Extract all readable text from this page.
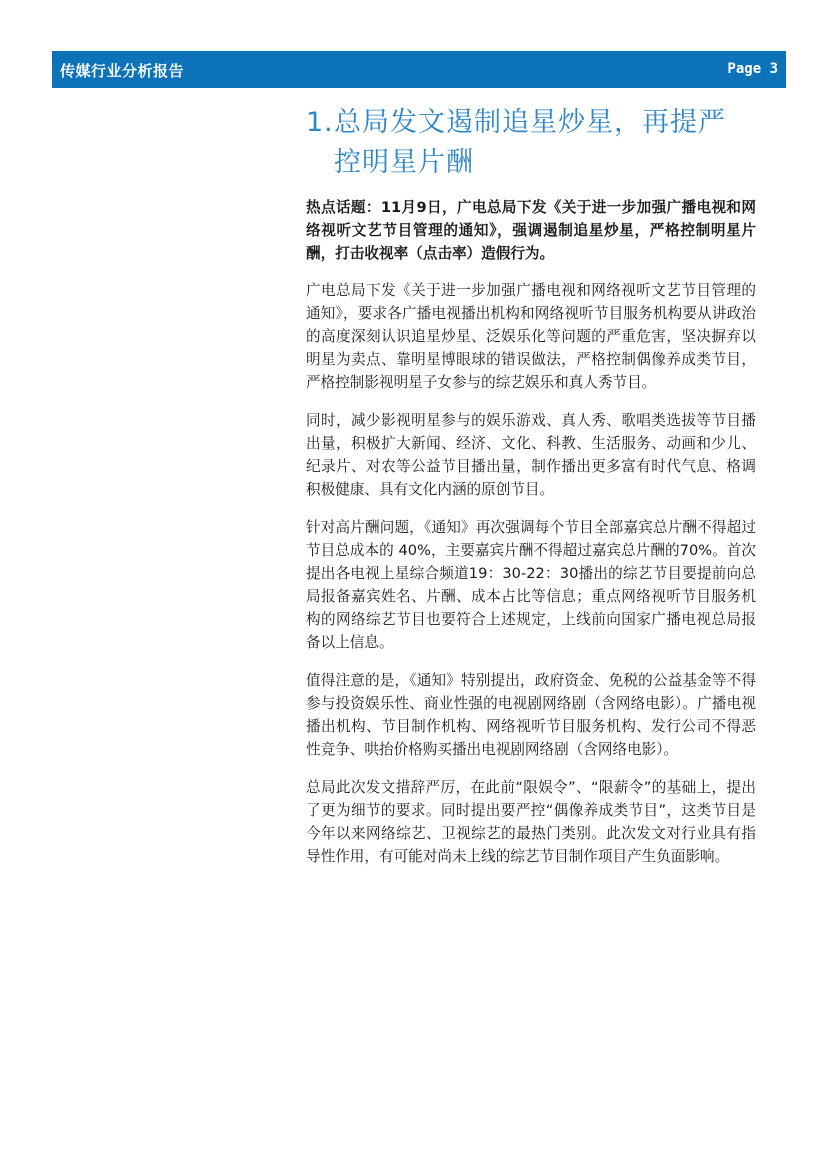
传媒行业分析报告	Page 3
1.总局发文遏制追星炒星，再提严
控明星片酬

热点话题：11月9日，广电总局下发《关于进一步加强广播电视和网络视听文艺节目管理的通知》，强调遏制追星炒星，严格控制明星片酬，打击收视率（点击率）造假行为。

广电总局下发《关于进一步加强广播电视和网络视听文艺节目管理的通知》，要求各广播电视播出机构和网络视听节目服务机构要从讲政治的高度深刻认识追星炒星、泛娱乐化等问题的严重危害，坚决摒弃以明星为卖点、靠明星博眼球的错误做法，严格控制偶像养成类节目，严格控制影视明星子女参与的综艺娱乐和真人秀节目。

同时，减少影视明星参与的娱乐游戏、真人秀、歌唱类选拔等节目播出量，积极扩大新闻、经济、文化、科教、生活服务、动画和少儿、纪录片、对农等公益节目播出量，制作播出更多富有时代气息、格调积极健康、具有文化内涵的原创节目。

针对高片酬问题，《通知》再次强调每个节目全部嘉宾总片酬不得超过节目总成本的 40%，主要嘉宾片酬不得超过嘉宾总片酬的70%。首次提出各电视上星综合频道19：30-22：30播出的综艺节目要提前向总局报备嘉宾姓名、片酬、成本占比等信息；重点网络视听节目服务机构的网络综艺节目也要符合上述规定，上线前向国家广播电视总局报备以上信息。

值得注意的是，《通知》特别提出，政府资金、免税的公益基金等不得参与投资娱乐性、商业性强的电视剧网络剧（含网络电影）。广播电视播出机构、节目制作机构、网络视听节目服务机构、发行公司不得恶性竞争、哄抬价格购买播出电视剧网络剧（含网络电影）。

总局此次发文措辞严厉，在此前“限娱令”、“限薪令”的基础上，提出了更为细节的要求。同时提出要严控“偶像养成类节目”，这类节目是今年以来网络综艺、卫视综艺的最热门类别。此次发文对行业具有指导性作用，有可能对尚未上线的综艺节目制作项目产生负面影响。
